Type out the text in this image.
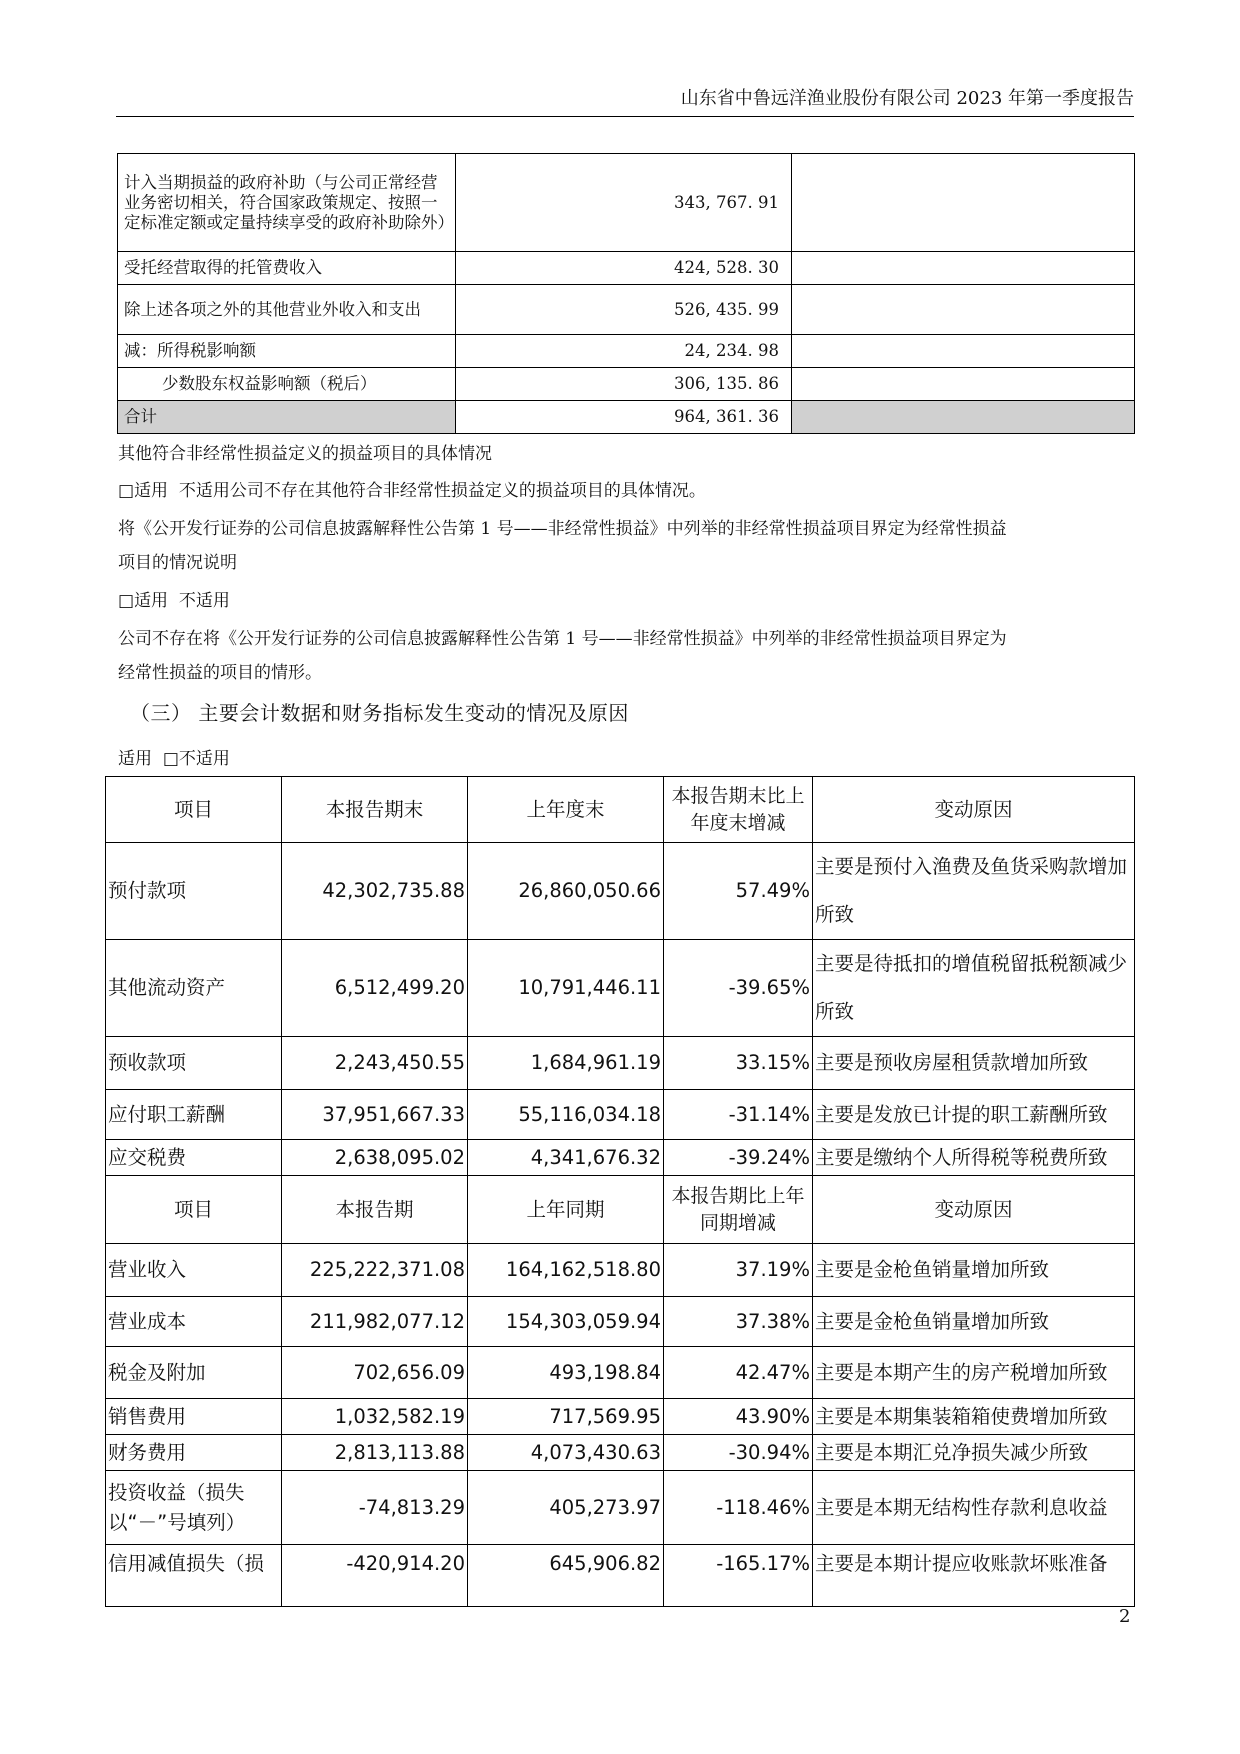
山东省中鲁远洋渔业股份有限公司 2023 年第一季度报告
计入当期损益的政府补助（与公司正常经营业务密切相关，符合国家政策规定、按照一定标准定额或定量持续享受的政府补助除外）	343, 767. 91	
受托经营取得的托管费收入	424, 528. 30	
除上述各项之外的其他营业外收入和支出	526, 435. 99	
减：所得税影响额	24, 234. 98	
少数股东权益影响额（税后）	306, 135. 86	
合计	964, 361. 36	
其他符合非经常性损益定义的损益项目的具体情况
□适用 不适用公司不存在其他符合非经常性损益定义的损益项目的具体情况。
将《公开发行证券的公司信息披露解释性公告第 1 号——非经常性损益》中列举的非经常性损益项目界定为经常性损益
项目的情况说明
□适用 不适用
公司不存在将《公开发行证券的公司信息披露解释性公告第 1 号——非经常性损益》中列举的非经常性损益项目界定为
经常性损益的项目的情形。
（三） 主要会计数据和财务指标发生变动的情况及原因
适用 □不适用
项目	本报告期末	上年度末	本报告期末比上年度末增减	变动原因
预付款项	42,302,735.88	26,860,050.66	57.49%	主要是预付入渔费及鱼货采购款增加所致
其他流动资产	6,512,499.20	10,791,446.11	-39.65%	主要是待抵扣的增值税留抵税额减少所致
预收款项	2,243,450.55	1,684,961.19	33.15%	主要是预收房屋租赁款增加所致
应付职工薪酬	37,951,667.33	55,116,034.18	-31.14%	主要是发放已计提的职工薪酬所致
应交税费	2,638,095.02	4,341,676.32	-39.24%	主要是缴纳个人所得税等税费所致
项目	本报告期	上年同期	本报告期比上年同期增减	变动原因
营业收入	225,222,371.08	164,162,518.80	37.19%	主要是金枪鱼销量增加所致
营业成本	211,982,077.12	154,303,059.94	37.38%	主要是金枪鱼销量增加所致
税金及附加	702,656.09	493,198.84	42.47%	主要是本期产生的房产税增加所致
销售费用	1,032,582.19	717,569.95	43.90%	主要是本期集装箱箱使费增加所致
财务费用	2,813,113.88	4,073,430.63	-30.94%	主要是本期汇兑净损失减少所致
投资收益（损失以“－”号填列）	-74,813.29	405,273.97	-118.46%	主要是本期无结构性存款利息收益
信用减值损失（损	-420,914.20	645,906.82	-165.17%	主要是本期计提应收账款坏账准备
2
